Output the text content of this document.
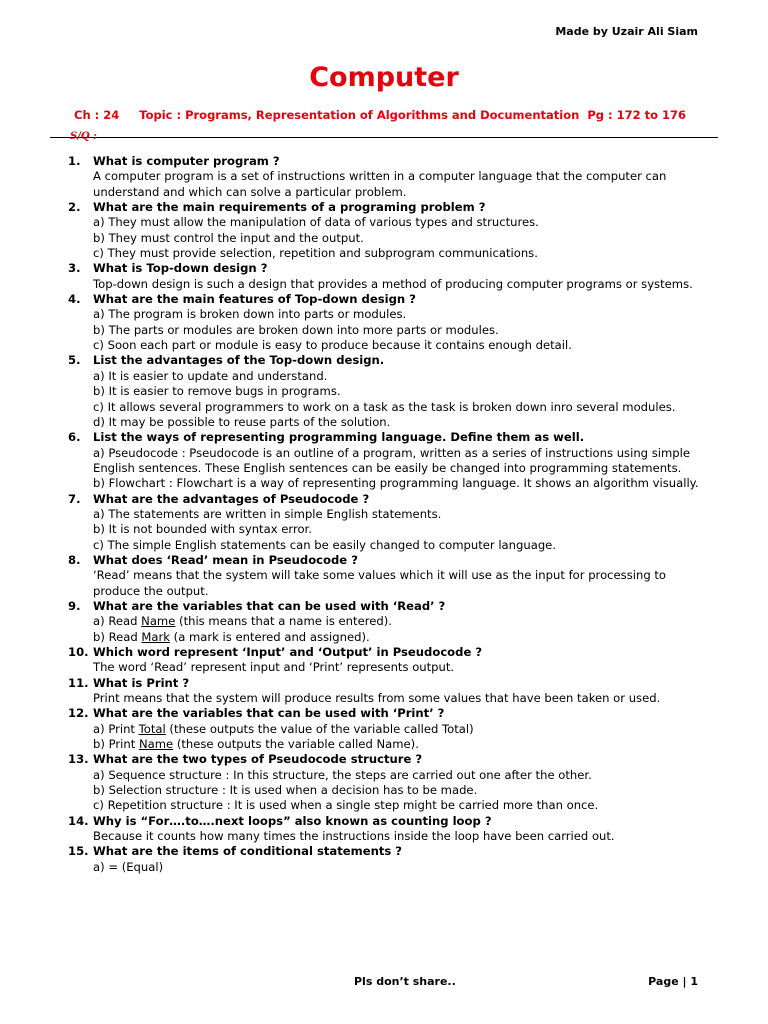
Made by Uzair Ali Siam
Computer
Ch : 24     Topic : Programs, Representation of Algorithms and Documentation  Pg : 172 to 176
S/Q :
1.	What is computer program ?
A computer program is a set of instructions written in a computer language that the computer can understand and which can solve a particular problem.
2.	What are the main requirements of a programing problem ?
a) They must allow the manipulation of data of various types and structures.
b) They must control the input and the output.
c) They must provide selection, repetition and subprogram communications.
3.	What is Top-down design ?
Top-down design is such a design that provides a method of producing computer programs or systems.
4.	What are the main features of Top-down design ?
a) The program is broken down into parts or modules.
b) The parts or modules are broken down into more parts or modules.
c) Soon each part or module is easy to produce because it contains enough detail.
5.	List the advantages of the Top-down design.
a) It is easier to update and understand.
b) It is easier to remove bugs in programs.
c) It allows several programmers to work on a task as the task is broken down inro several modules.
d) It may be possible to reuse parts of the solution.
6.	List the ways of representing programming language. Define them as well.
a) Pseudocode : Pseudocode is an outline of a program, written as a series of instructions using simple English sentences. These English sentences can be easily be changed into programming statements.
b) Flowchart : Flowchart is a way of representing programming language. It shows an algorithm visually.
7.	What are the advantages of Pseudocode ?
a) The statements are written in simple English statements.
b) It is not bounded with syntax error.
c) The simple English statements can be easily changed to computer language.
8.	What does ‘Read’ mean in Pseudocode ?
‘Read’ means that the system will take some values which it will use as the input for processing to produce the output.
9.	What are the variables that can be used with ‘Read’ ?
a) Read Name (this means that a name is entered).
b) Read Mark (a mark is entered and assigned).
10. Which word represent ‘Input’ and ‘Output’ in Pseudocode ?
The word ‘Read’ represent input and ‘Print’ represents output.
11. What is Print ?
Print means that the system will produce results from some values that have been taken or used.
12. What are the variables that can be used with ‘Print’ ?
a) Print Total (these outputs the value of the variable called Total)
b) Print Name (these outputs the variable called Name).
13. What are the two types of Pseudocode structure ?
a) Sequence structure : In this structure, the steps are carried out one after the other.
b) Selection structure : It is used when a decision has to be made.
c) Repetition structure : It is used when a single step might be carried more than once.
14. Why is “For….to….next loops” also known as counting loop ?
Because it counts how many times the instructions inside the loop have been carried out.
15. What are the items of conditional statements ?
a) = (Equal)
Pls don’t share..	Page | 1
